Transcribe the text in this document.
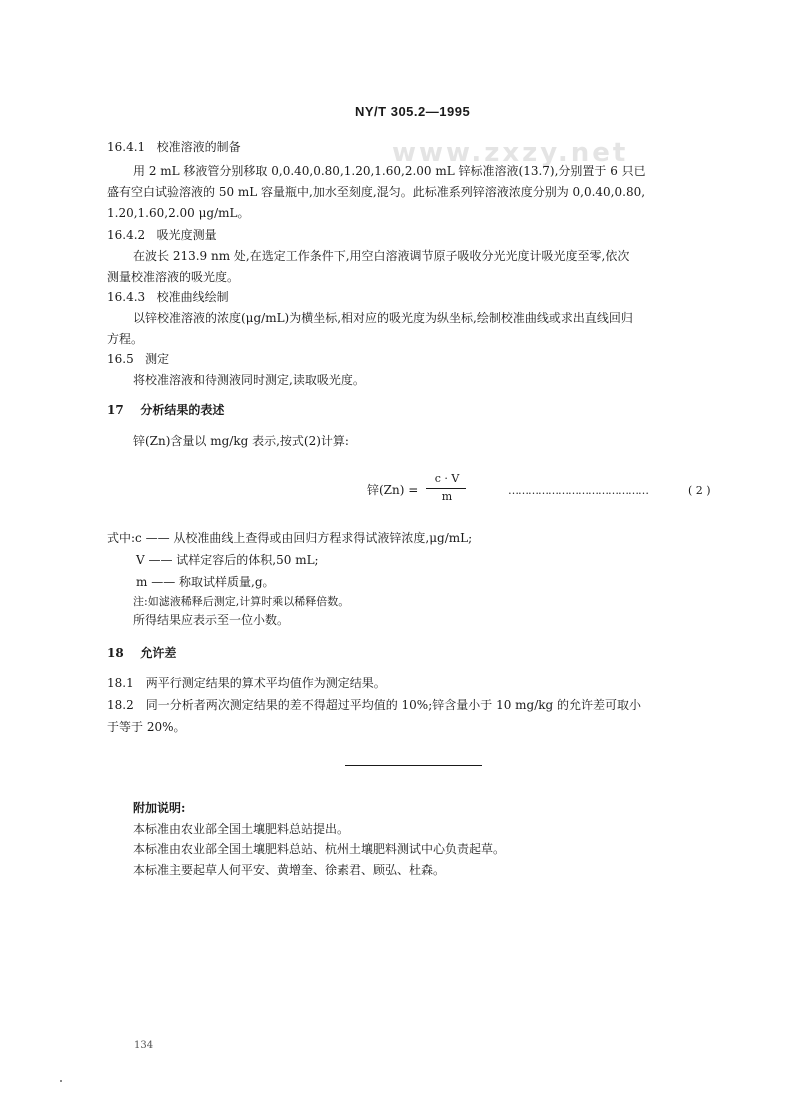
NY/T 305.2—1995
www.zxzy.net
16.4.1 校准溶液的制备
用 2 mL 移液管分别移取 0,0.40,0.80,1.20,1.60,2.00 mL 锌标准溶液(13.7),分别置于 6 只已
盛有空白试验溶液的 50 mL 容量瓶中,加水至刻度,混匀。此标准系列锌溶液浓度分别为 0,0.40,0.80,
1.20,1.60,2.00 μg/mL。
16.4.2 吸光度测量
在波长 213.9 nm 处,在选定工作条件下,用空白溶液调节原子吸收分光光度计吸光度至零,依次
测量校准溶液的吸光度。
16.4.3 校准曲线绘制
以锌校准溶液的浓度(μg/mL)为横坐标,相对应的吸光度为纵坐标,绘制校准曲线或求出直线回归
方程。
16.5 测定
将校准溶液和待测液同时测定,读取吸光度。
17 分析结果的表述
锌(Zn)含量以 mg/kg 表示,按式(2)计算:
锌(Zn) =
c · V
m	……………………………………	( 2 )
式中:c —— 从校准曲线上查得或由回归方程求得试液锌浓度,μg/mL;
V —— 试样定容后的体积,50 mL;
m —— 称取试样质量,g。
注:如滤液稀释后测定,计算时乘以稀释倍数。
所得结果应表示至一位小数。
18 允许差
18.1　两平行测定结果的算术平均值作为测定结果。
18.2　同一分析者两次测定结果的差不得超过平均值的 10%;锌含量小于 10 mg/kg 的允许差可取小
于等于 20%。
附加说明:
本标准由农业部全国土壤肥料总站提出。
本标准由农业部全国土壤肥料总站、杭州土壤肥料测试中心负责起草。
本标准主要起草人何平安、黄增奎、徐素君、顾弘、杜森。
134
